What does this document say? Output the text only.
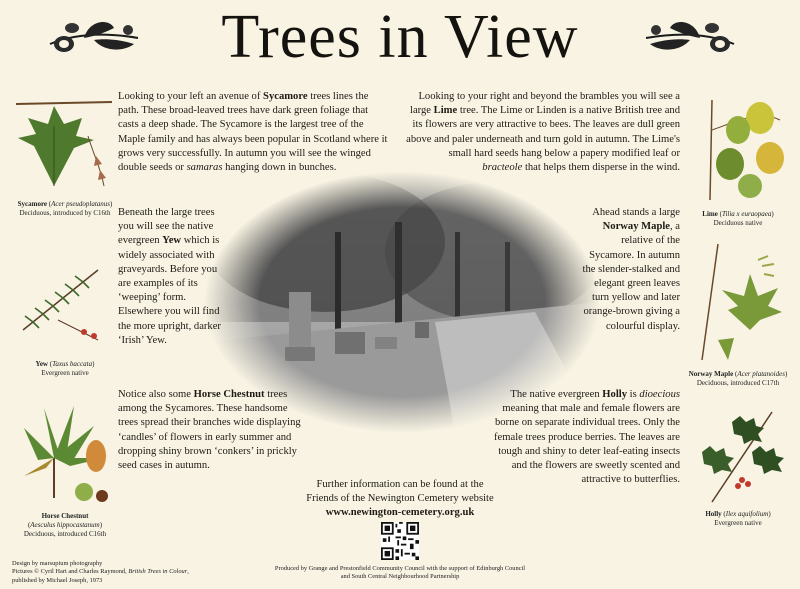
Trees in View
Sycamore (Acer pseudoplatanus)
Deciduous, introduced by C16th
Yew (Taxus baccata)
Evergreen native
Horse Chestnut
(Aesculus hippocastanum)
Deciduous, introduced C16th
Lime (Tilia x euraopaea)
Deciduous native
Norway Maple (Acer platanoides)
Deciduous, introduced C17th
Holly (Ilex aquifolium)
Evergreen native
Looking to your left an avenue of Sycamore trees lines the path. These broad-leaved trees have dark green foliage that casts a deep shade. The Sycamore is the largest tree of the Maple family and has always been popular in Scotland where it grows very successfully. In autumn you will see the winged double seeds or samaras hanging down in bunches.
Looking to your right and beyond the brambles you will see a large Lime tree. The Lime or Linden is a native British tree and its flowers are very attractive to bees. The leaves are dull green above and paler underneath and turn gold in autumn. The Lime's small hard seeds hang below a papery modified leaf or bracteole that helps them disperse in the wind.
Beneath the large trees you will see the native evergreen Yew which is widely associated with graveyards. Before you are examples of its ‘weeping’ form. Elsewhere you will find the more upright, darker ‘Irish’ Yew.
Ahead stands a large Norway Maple, a relative of the Sycamore. In autumn the slender-stalked and elegant green leaves turn yellow and later orange-brown giving a colourful display.
Notice also some Horse Chestnut trees among the Sycamores. These handsome trees spread their branches wide displaying ‘candles’ of flowers in early summer and dropping shiny brown ‘conkers’ in prickly seed cases in autumn.
The native evergreen Holly is dioecious meaning that male and female flowers are borne on separate individual trees. Only the female trees produce berries. The leaves are tough and shiny to deter leaf-eating insects and the flowers are sweetly scented and attractive to butterflies.
Further information can be found at the
Friends of the Newington Cemetery website
www.newington-cemetery.org.uk
Design by marsupium photography
Pictures © Cyril Hart and Charles Raymond, British Trees in Colour,
published by Michael Joseph, 1973
Produced by Grange and Prestonfield Community Council with the support of Edinburgh Council
and South Central Neighbourhood Partnership
